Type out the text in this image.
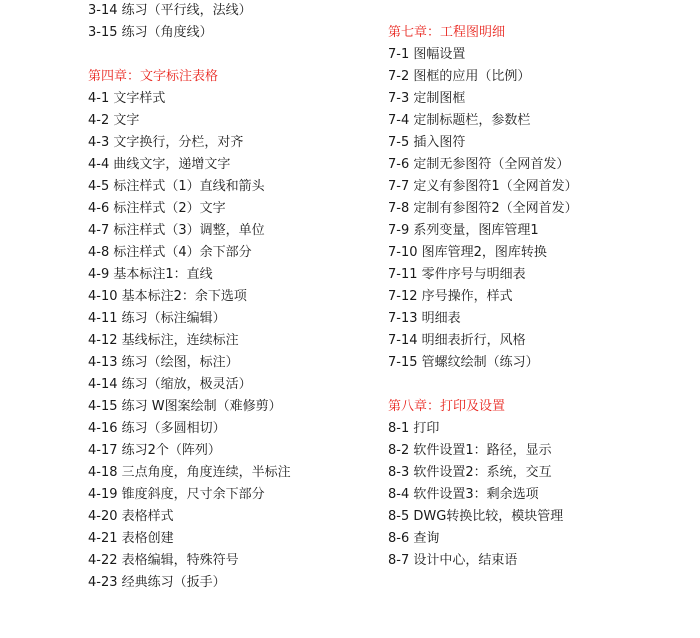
3-14 练习（平行线，法线）
3-15 练习（角度线）
第四章：文字标注表格
4-1 文字样式
4-2 文字
4-3 文字换行，分栏，对齐
4-4 曲线文字，递增文字
4-5 标注样式（1）直线和箭头
4-6 标注样式（2）文字
4-7 标注样式（3）调整，单位
4-8 标注样式（4）余下部分
4-9 基本标注1：直线
4-10 基本标注2：余下选项
4-11 练习（标注编辑）
4-12 基线标注，连续标注
4-13 练习（绘图，标注）
4-14 练习（缩放，极灵活）
4-15 练习 W图案绘制（难修剪）
4-16 练习（多圆相切）
4-17 练习2个（阵列）
4-18 三点角度，角度连续，半标注
4-19 锥度斜度，尺寸余下部分
4-20 表格样式
4-21 表格创建
4-22 表格编辑，特殊符号
4-23 经典练习（扳手）
第七章：工程图明细
7-1 图幅设置
7-2 图框的应用（比例）
7-3 定制图框
7-4 定制标题栏，参数栏
7-5 插入图符
7-6 定制无参图符（全网首发）
7-7 定义有参图符1（全网首发）
7-8 定制有参图符2（全网首发）
7-9 系列变量，图库管理1
7-10 图库管理2，图库转换
7-11 零件序号与明细表
7-12 序号操作，样式
7-13 明细表
7-14 明细表折行，风格
7-15 管螺纹绘制（练习）
第八章：打印及设置
8-1 打印
8-2 软件设置1：路径，显示
8-3 软件设置2：系统，交互
8-4 软件设置3：剩余选项
8-5 DWG转换比较，模块管理
8-6 查询
8-7 设计中心，结束语
